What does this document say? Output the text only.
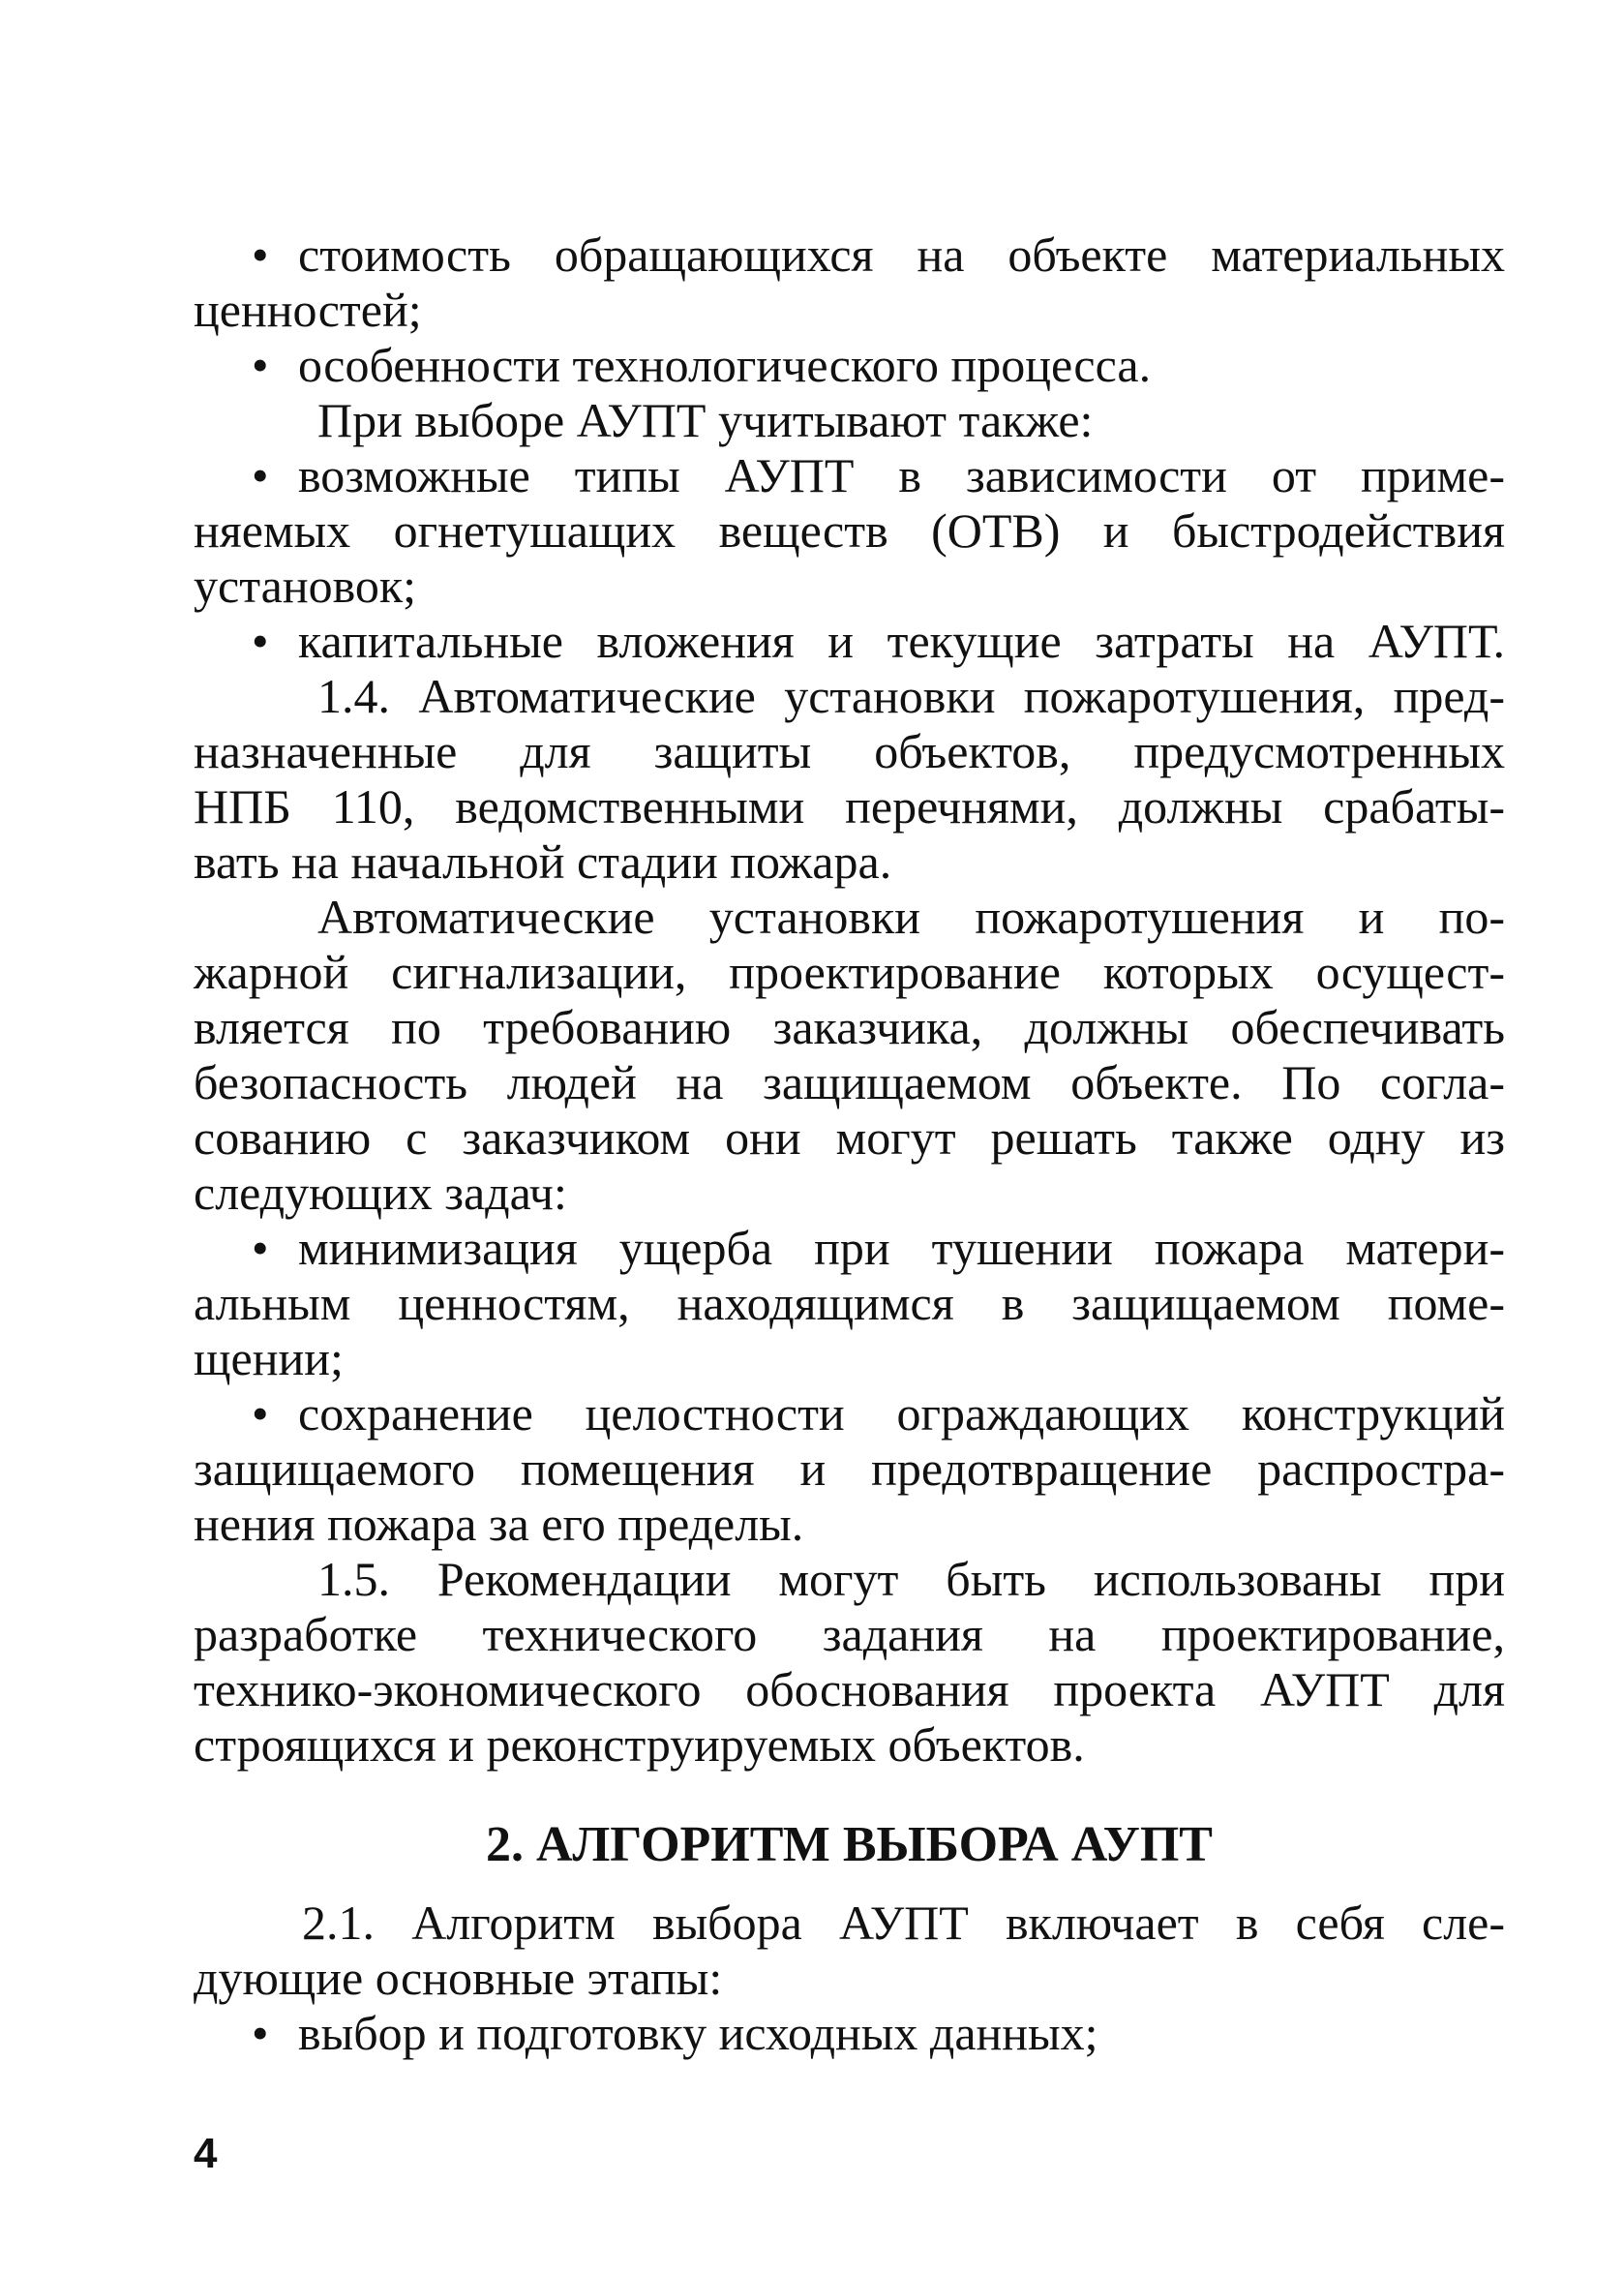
• стоимость обращающихся на объекте материальных
ценностей;
• особенности технологического процесса.
При выборе АУПТ учитывают также:
• возможные типы АУПТ в зависимости от приме-
няемых огнетушащих веществ (ОТВ) и быстродействия
установок;
• капитальные вложения и текущие затраты на АУПТ.
1.4. Автоматические установки пожаротушения, пред-
назначенные для защиты объектов, предусмотренных
НПБ 110, ведомственными перечнями, должны срабаты-
вать на начальной стадии пожара.
Автоматические установки пожаротушения и по-
жарной сигнализации, проектирование которых осущест-
вляется по требованию заказчика, должны обеспечивать
безопасность людей на защищаемом объекте. По согла-
сованию с заказчиком они могут решать также одну из
следующих задач:
• минимизация ущерба при тушении пожара матери-
альным ценностям, находящимся в защищаемом поме-
щении;
• сохранение целостности ограждающих конструкций
защищаемого помещения и предотвращение распростра-
нения пожара за его пределы.
1.5. Рекомендации могут быть использованы при
разработке технического задания на проектирование,
технико-экономического обоснования проекта АУПТ для
строящихся и реконструируемых объектов.
2. АЛГОРИТМ ВЫБОРА АУПТ
2.1. Алгоритм выбора АУПТ включает в себя сле-
дующие основные этапы:
• выбор и подготовку исходных данных;
4
